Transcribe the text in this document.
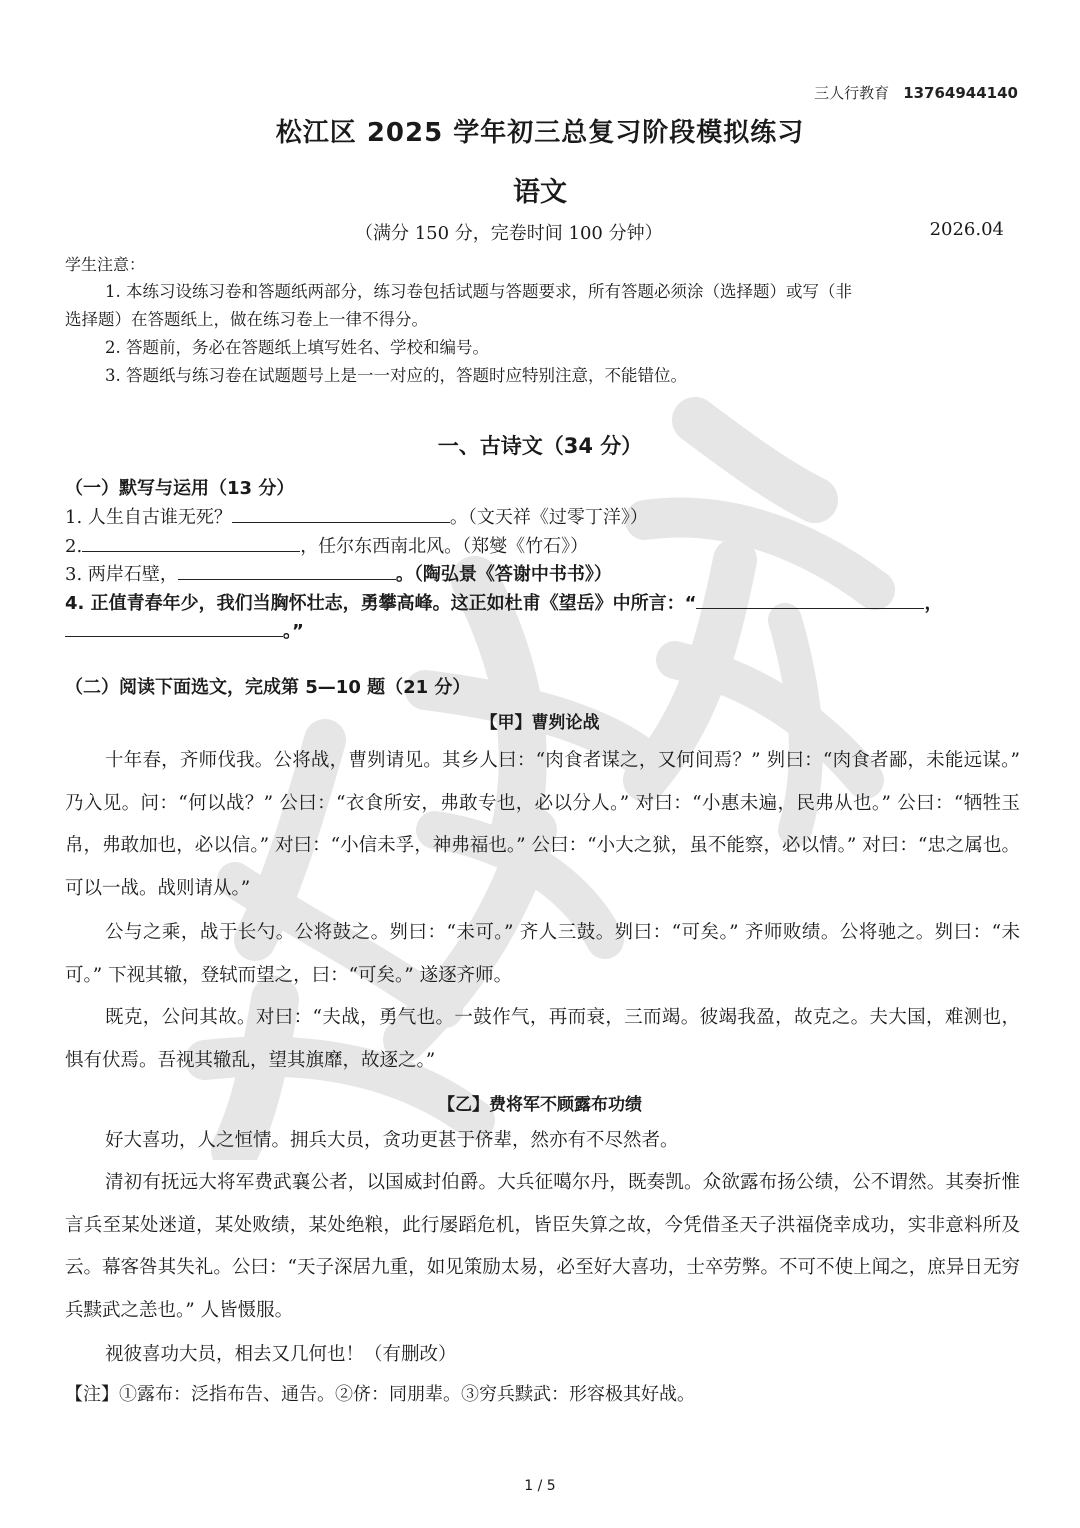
三人行教育 13764944140
松江区 2025 学年初三总复习阶段模拟练习
语文
（满分 150 分，完卷时间 100 分钟）	2026.04
学生注意：
1. 本练习设练习卷和答题纸两部分，练习卷包括试题与答题要求，所有答题必须涂（选择题）或写（非
选择题）在答题纸上，做在练习卷上一律不得分。
2. 答题前，务必在答题纸上填写姓名、学校和编号。
3. 答题纸与练习卷在试题题号上是一一对应的，答题时应特别注意，不能错位。
一、古诗文（34 分）
（一）默写与运用（13 分）
1. 人生自古谁无死？	。（文天祥《过零丁洋》）
2.	，任尔东西南北风。（郑燮《竹石》）
3. 两岸石壁，	。（陶弘景《答谢中书书》）
4. 正值青春年少，我们当胸怀壮志，勇攀高峰。这正如杜甫《望岳》中所言：“	，
。”
（二）阅读下面选文，完成第 5—10 题（21 分）
【甲】曹刿论战
十年春，齐师伐我。公将战，曹刿请见。其乡人曰：“肉食者谋之，又何间焉？” 刿曰：“肉食者鄙，未能远谋。” 乃入见。问：“何以战？” 公曰：“衣食所安，弗敢专也，必以分人。” 对曰：“小惠未遍，民弗从也。” 公曰：“牺牲玉帛，弗敢加也，必以信。” 对曰：“小信未孚，神弗福也。” 公曰：“小大之狱，虽不能察，必以情。” 对曰：“忠之属也。可以一战。战则请从。”
公与之乘，战于长勺。公将鼓之。刿曰：“未可。” 齐人三鼓。刿曰：“可矣。” 齐师败绩。公将驰之。刿曰：“未可。” 下视其辙，登轼而望之，曰：“可矣。” 遂逐齐师。
既克，公问其故。对曰：“夫战，勇气也。一鼓作气，再而衰，三而竭。彼竭我盈，故克之。夫大国，难测也，惧有伏焉。吾视其辙乱，望其旗靡，故逐之。”
【乙】费将军不顾露布功绩
好大喜功，人之恒情。拥兵大员，贪功更甚于侪辈，然亦有不尽然者。
清初有抚远大将军费武襄公者，以国威封伯爵。大兵征噶尔丹，既奏凯。众欲露布扬公绩，公不谓然。其奏折惟言兵至某处迷道，某处败绩，某处绝粮，此行屡蹈危机，皆臣失算之故，今凭借圣天子洪福侥幸成功，实非意料所及云。幕客咎其失礼。公曰：“天子深居九重，如见策励太易，必至好大喜功，士卒劳弊。不可不使上闻之，庶异日无穷兵黩武之恙也。” 人皆慑服。
视彼喜功大员，相去又几何也！（有删改）
【注】①露布：泛指布告、通告。②侪：同朋辈。③穷兵黩武：形容极其好战。
1 / 5
